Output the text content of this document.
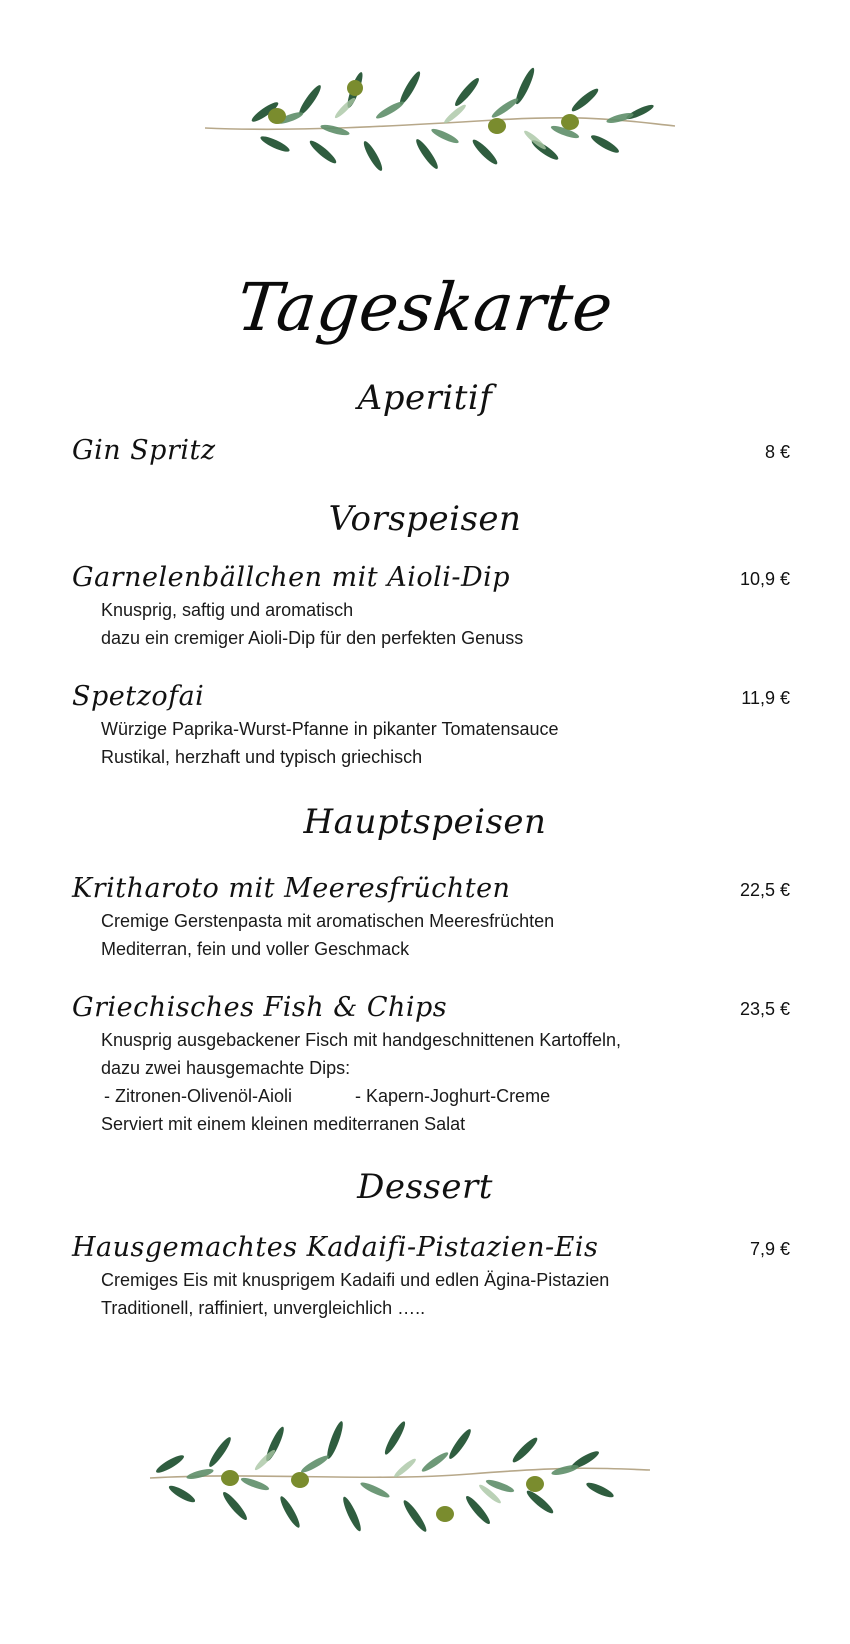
Tageskarte
Aperitif
Gin Spritz	8 €
Vorspeisen
Garnelenbällchen mit Aioli-Dip	10,9 €
Knusprig, saftig und aromatisch
dazu ein cremiger Aioli-Dip für den perfekten Genuss
Spetzofai	11,9 €
Würzige Paprika-Wurst-Pfanne in pikanter Tomatensauce
Rustikal, herzhaft und typisch griechisch
Hauptspeisen
Kritharoto mit Meeresfrüchten	22,5 €
Cremige Gerstenpasta mit aromatischen Meeresfrüchten
Mediterran, fein und voller Geschmack
Griechisches Fish & Chips	23,5 €
Knusprig ausgebackener Fisch mit handgeschnittenen Kartoffeln,
dazu zwei hausgemachte Dips:
- Zitronen-Olivenöl-Aioli	- Kapern-Joghurt-Creme
Serviert mit einem kleinen mediterranen Salat
Dessert
Hausgemachtes Kadaifi-Pistazien-Eis	7,9 €
Cremiges Eis mit knusprigem Kadaifi und edlen Ägina-Pistazien
Traditionell, raffiniert, unvergleichlich …..
